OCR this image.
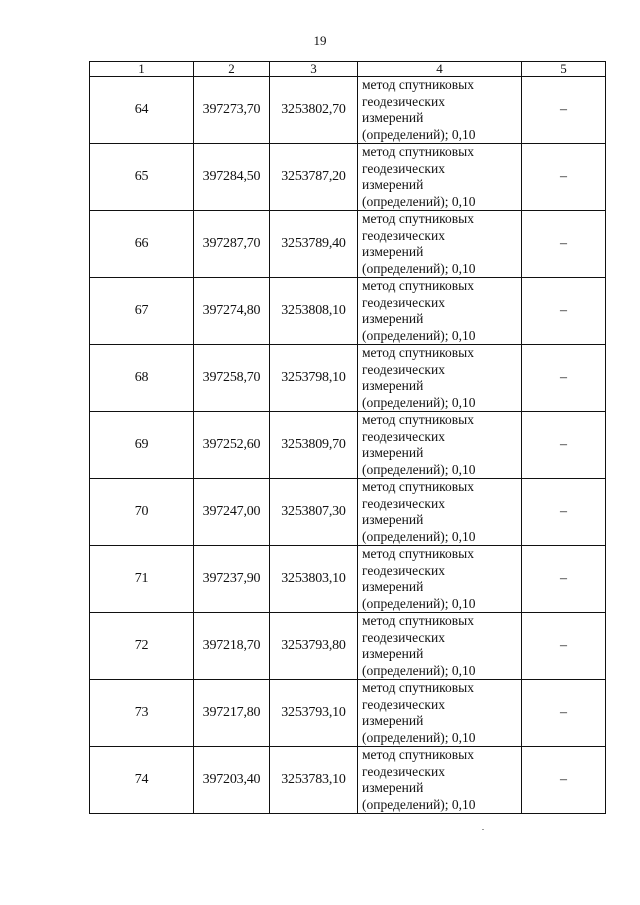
19
1	2	3	4	5
64	397273,70	3253802,70	метод спутниковых
геодезических
измерений
(определений); 0,10	–
65	397284,50	3253787,20	метод спутниковых
геодезических
измерений
(определений); 0,10	–
66	397287,70	3253789,40	метод спутниковых
геодезических
измерений
(определений); 0,10	–
67	397274,80	3253808,10	метод спутниковых
геодезических
измерений
(определений); 0,10	–
68	397258,70	3253798,10	метод спутниковых
геодезических
измерений
(определений); 0,10	–
69	397252,60	3253809,70	метод спутниковых
геодезических
измерений
(определений); 0,10	–
70	397247,00	3253807,30	метод спутниковых
геодезических
измерений
(определений); 0,10	–
71	397237,90	3253803,10	метод спутниковых
геодезических
измерений
(определений); 0,10	–
72	397218,70	3253793,80	метод спутниковых
геодезических
измерений
(определений); 0,10	–
73	397217,80	3253793,10	метод спутниковых
геодезических
измерений
(определений); 0,10	–
74	397203,40	3253783,10	метод спутниковых
геодезических
измерений
(определений); 0,10	–
